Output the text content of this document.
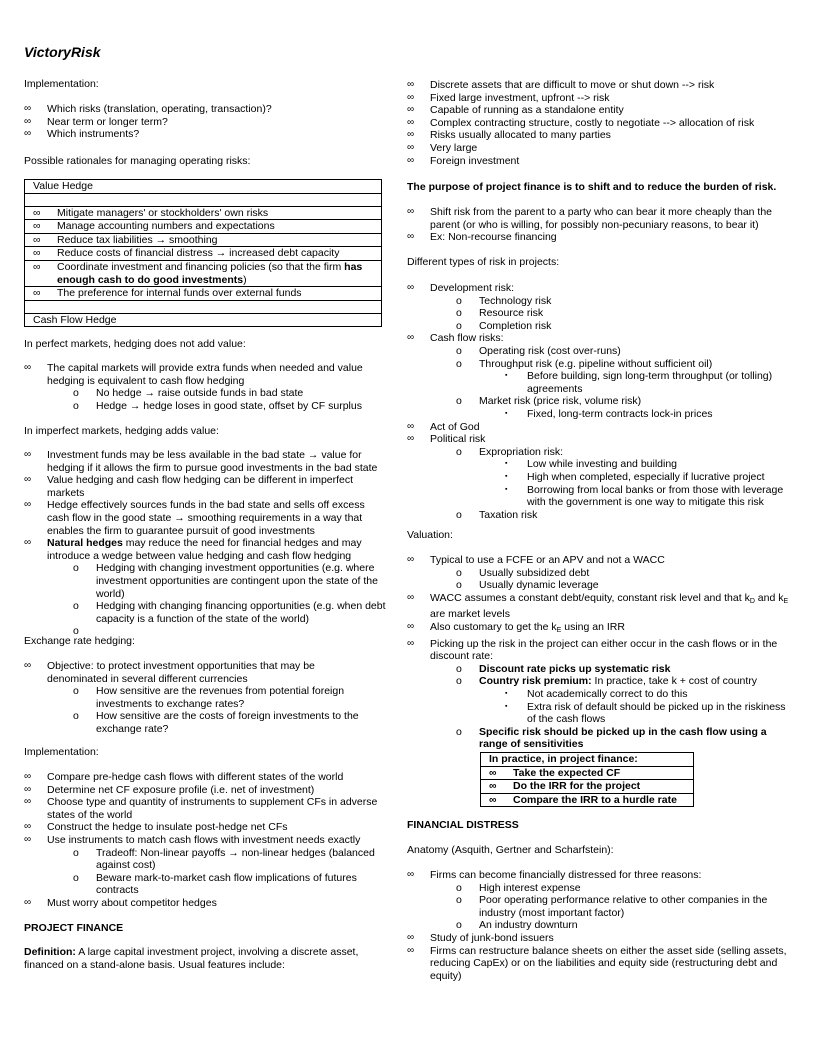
VictoryRisk
Implementation:
∞ Which risks (translation, operating, transaction)?
∞ Near term or longer term?
∞ Which instruments?
Possible rationales for managing operating risks:
Value Hedge
∞ Mitigate managers' or stockholders' own risks
∞ Manage accounting numbers and expectations
∞ Reduce tax liabilities → smoothing
∞ Reduce costs of financial distress → increased debt capacity
∞ Coordinate investment and financing policies (so that the firm has enough cash to do good investments)
∞ The preference for internal funds over external funds
Cash Flow Hedge
In perfect markets, hedging does not add value:
∞ The capital markets will provide extra funds when needed and value hedging is equivalent to cash flow hedging
o No hedge → raise outside funds in bad state
o Hedge → hedge loses in good state, offset by CF surplus
In imperfect markets, hedging adds value:
∞ Investment funds may be less available in the bad state → value for hedging if it allows the firm to pursue good investments in the bad state
∞ Value hedging and cash flow hedging can be different in imperfect markets
∞ Hedge effectively sources funds in the bad state and sells off excess cash flow in the good state → smoothing requirements in a way that enables the firm to guarantee pursuit of good investments
∞ Natural hedges may reduce the need for financial hedges and may introduce a wedge between value hedging and cash flow hedging
o Hedging with changing investment opportunities (e.g. where investment opportunities are contingent upon the state of the world)
o Hedging with changing financing opportunities (e.g. when debt capacity is a function of the state of the world)
o

Exchange rate hedging:
∞ Objective: to protect investment opportunities that may be denominated in several different currencies
o How sensitive are the revenues from potential foreign investments to exchange rates?
o How sensitive are the costs of foreign investments to the exchange rate?
Implementation:
∞ Compare pre-hedge cash flows with different states of the world
∞ Determine net CF exposure profile (i.e. net of investment)
∞ Choose type and quantity of instruments to supplement CFs in adverse states of the world
∞ Construct the hedge to insulate post-hedge net CFs
∞ Use instruments to match cash flows with investment needs exactly
o Tradeoff: Non-linear payoffs → non-linear hedges (balanced against cost)
o Beware mark-to-market cash flow implications of futures contracts
∞ Must worry about competitor hedges
PROJECT FINANCE
Definition: A large capital investment project, involving a discrete asset, financed on a stand-alone basis. Usual features include:
∞ Discrete assets that are difficult to move or shut down --> risk
∞ Fixed large investment, upfront --> risk
∞ Capable of running as a standalone entity
∞ Complex contracting structure, costly to negotiate --> allocation of risk
∞ Risks usually allocated to many parties
∞ Very large
∞ Foreign investment
The purpose of project finance is to shift and to reduce the burden of risk.
∞ Shift risk from the parent to a party who can bear it more cheaply than the parent (or who is willing, for possibly non-pecuniary reasons, to bear it)
∞ Ex: Non-recourse financing
Different types of risk in projects:
∞ Development risk:
o Technology risk
o Resource risk
o Completion risk
∞ Cash flow risks:
o Operating risk (cost over-runs)
o Throughput risk (e.g. pipeline without sufficient oil)
▪ Before building, sign long-term throughput (or tolling) agreements
o Market risk (price risk, volume risk)
▪ Fixed, long-term contracts lock-in prices
∞ Act of God
∞ Political risk
o Expropriation risk:
▪ Low while investing and building
▪ High when completed, especially if lucrative project
▪ Borrowing from local banks or from those with leverage with the government is one way to mitigate this risk
o Taxation risk
Valuation:
∞ Typical to use a FCFE or an APV and not a WACC
o Usually subsidized debt
o Usually dynamic leverage
∞ WACC assumes a constant debt/equity, constant risk level and that $k_D$ and $k_E$ are market levels
∞ Also customary to get the $k_E$ using an IRR
∞ Picking up the risk in the project can either occur in the cash flows or in the discount rate:
o Discount rate picks up systematic risk
o Country risk premium: In practice, take k + cost of country
▪ Not academically correct to do this
▪ Extra risk of default should be picked up in the riskiness of the cash flows
o Specific risk should be picked up in the cash flow using a range of sensitivities
In practice, in project finance:
∞ Take the expected CF
∞ Do the IRR for the project
∞ Compare the IRR to a hurdle rate
FINANCIAL DISTRESS
Anatomy (Asquith, Gertner and Scharfstein):
∞ Firms can become financially distressed for three reasons:
o High interest expense
o Poor operating performance relative to other companies in the industry (most important factor)
o An industry downturn
∞ Study of junk-bond issuers
∞ Firms can restructure balance sheets on either the asset side (selling assets, reducing CapEx) or on the liabilities and equity side (restructuring debt and equity)
